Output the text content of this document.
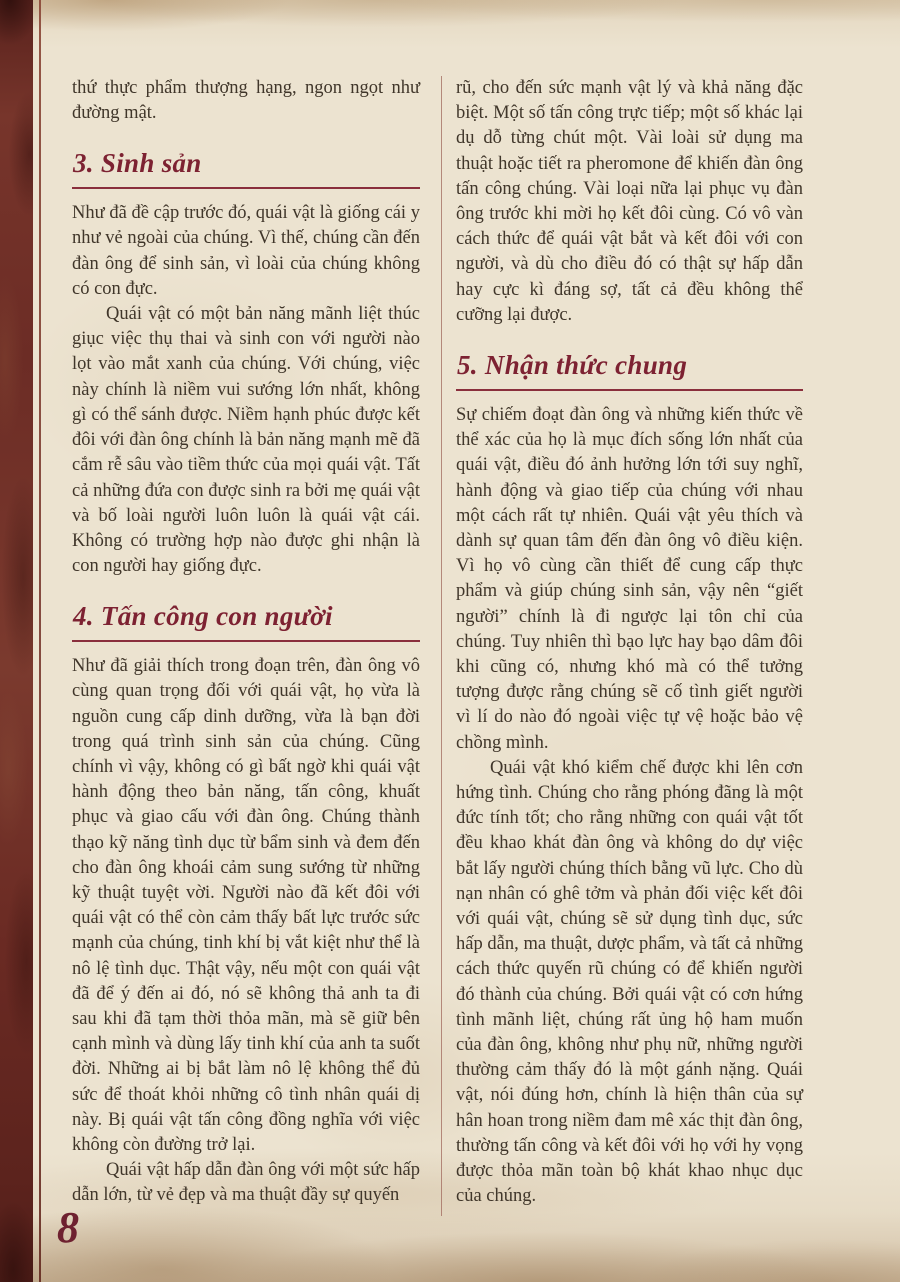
thứ thực phẩm thượng hạng, ngon ngọt như đường mật.

3. Sinh sản

Như đã đề cập trước đó, quái vật là giống cái y như vẻ ngoài của chúng. Vì thế, chúng cần đến đàn ông để sinh sản, vì loài của chúng không có con đực.

Quái vật có một bản năng mãnh liệt thúc giục việc thụ thai và sinh con với người nào lọt vào mắt xanh của chúng. Với chúng, việc này chính là niềm vui sướng lớn nhất, không gì có thể sánh được. Niềm hạnh phúc được kết đôi với đàn ông chính là bản năng mạnh mẽ đã cắm rễ sâu vào tiềm thức của mọi quái vật. Tất cả những đứa con được sinh ra bởi mẹ quái vật và bố loài người luôn luôn là quái vật cái. Không có trường hợp nào được ghi nhận là con người hay giống đực.

4. Tấn công con người

Như đã giải thích trong đoạn trên, đàn ông vô cùng quan trọng đối với quái vật, họ vừa là nguồn cung cấp dinh dưỡng, vừa là bạn đời trong quá trình sinh sản của chúng. Cũng chính vì vậy, không có gì bất ngờ khi quái vật hành động theo bản năng, tấn công, khuất phục và giao cấu với đàn ông. Chúng thành thạo kỹ năng tình dục từ bẩm sinh và đem đến cho đàn ông khoái cảm sung sướng từ những kỹ thuật tuyệt vời. Người nào đã kết đôi với quái vật có thể còn cảm thấy bất lực trước sức mạnh của chúng, tinh khí bị vắt kiệt như thể là nô lệ tình dục. Thật vậy, nếu một con quái vật đã để ý đến ai đó, nó sẽ không thả anh ta đi sau khi đã tạm thời thỏa mãn, mà sẽ giữ bên cạnh mình và dùng lấy tinh khí của anh ta suốt đời. Những ai bị bắt làm nô lệ không thể đủ sức để thoát khỏi những cô tình nhân quái dị này. Bị quái vật tấn công đồng nghĩa với việc không còn đường trở lại.

Quái vật hấp dẫn đàn ông với một sức hấp dẫn lớn, từ vẻ đẹp và ma thuật đầy sự quyến

rũ, cho đến sức mạnh vật lý và khả năng đặc biệt. Một số tấn công trực tiếp; một số khác lại dụ dỗ từng chút một. Vài loài sử dụng ma thuật hoặc tiết ra pheromone để khiến đàn ông tấn công chúng. Vài loại nữa lại phục vụ đàn ông trước khi mời họ kết đôi cùng. Có vô vàn cách thức để quái vật bắt và kết đôi với con người, và dù cho điều đó có thật sự hấp dẫn hay cực kì đáng sợ, tất cả đều không thể cưỡng lại được.

5. Nhận thức chung

Sự chiếm đoạt đàn ông và những kiến thức về thể xác của họ là mục đích sống lớn nhất của quái vật, điều đó ảnh hưởng lớn tới suy nghĩ, hành động và giao tiếp của chúng với nhau một cách rất tự nhiên. Quái vật yêu thích và dành sự quan tâm đến đàn ông vô điều kiện. Vì họ vô cùng cần thiết để cung cấp thực phẩm và giúp chúng sinh sản, vậy nên “giết người” chính là đi ngược lại tôn chỉ của chúng. Tuy nhiên thì bạo lực hay bạo dâm đôi khi cũng có, nhưng khó mà có thể tưởng tượng được rằng chúng sẽ cố tình giết người vì lí do nào đó ngoài việc tự vệ hoặc bảo vệ chồng mình.

Quái vật khó kiểm chế được khi lên cơn hứng tình. Chúng cho rằng phóng đãng là một đức tính tốt; cho rằng những con quái vật tốt đều khao khát đàn ông và không do dự việc bắt lấy người chúng thích bằng vũ lực. Cho dù nạn nhân có ghê tởm và phản đối việc kết đôi với quái vật, chúng sẽ sử dụng tình dục, sức hấp dẫn, ma thuật, dược phẩm, và tất cả những cách thức quyến rũ chúng có để khiến người đó thành của chúng. Bởi quái vật có cơn hứng tình mãnh liệt, chúng rất ủng hộ ham muốn của đàn ông, không như phụ nữ, những người thường cảm thấy đó là một gánh nặng. Quái vật, nói đúng hơn, chính là hiện thân của sự hân hoan trong niềm đam mê xác thịt đàn ông, thường tấn công và kết đôi với họ với hy vọng được thỏa mãn toàn bộ khát khao nhục dục của chúng.

8
